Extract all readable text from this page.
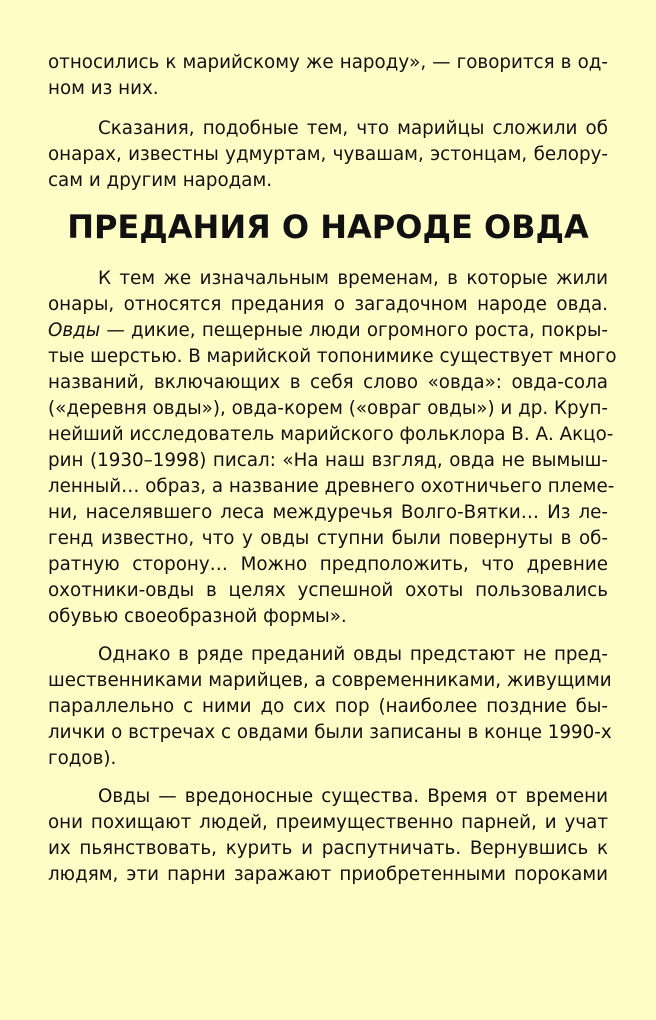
относились к марийскому же народу», — говорится в од-
ном из них.
Сказания, подобные тем, что марийцы сложили об
онарах, известны удмуртам, чувашам, эстонцам, белору-
сам и другим народам.
ПРЕДАНИЯ О НАРОДЕ ОВДА
К тем же изначальным временам, в которые жили
онары, относятся предания о загадочном народе овда.
Овды — дикие, пещерные люди огромного роста, покры-
тые шерстью. В марийской топонимике существует много
названий, включающих в себя слово «овда»: овда-сола
(«деревня овды»), овда-корем («овраг овды») и др. Круп-
нейший исследователь марийского фольклора В. А. Акцо-
рин (1930–1998) писал: «На наш взгляд, овда не вымыш-
ленный… образ, а название древнего охотничьего племе-
ни, населявшего леса междуречья Волго-Вятки… Из ле-
генд известно, что у овды ступни были повернуты в об-
ратную сторону… Можно предположить, что древние
охотники-овды в целях успешной охоты пользовались
обувью своеобразной формы».
Однако в ряде преданий овды предстают не пред-
шественниками марийцев, а современниками, живущими
параллельно с ними до сих пор (наиболее поздние бы-
лички о встречах с овдами были записаны в конце 1990-х
годов).
Овды — вредоносные существа. Время от времени
они похищают людей, преимущественно парней, и учат
их пьянствовать, курить и распутничать. Вернувшись к
людям, эти парни заражают приобретенными пороками
